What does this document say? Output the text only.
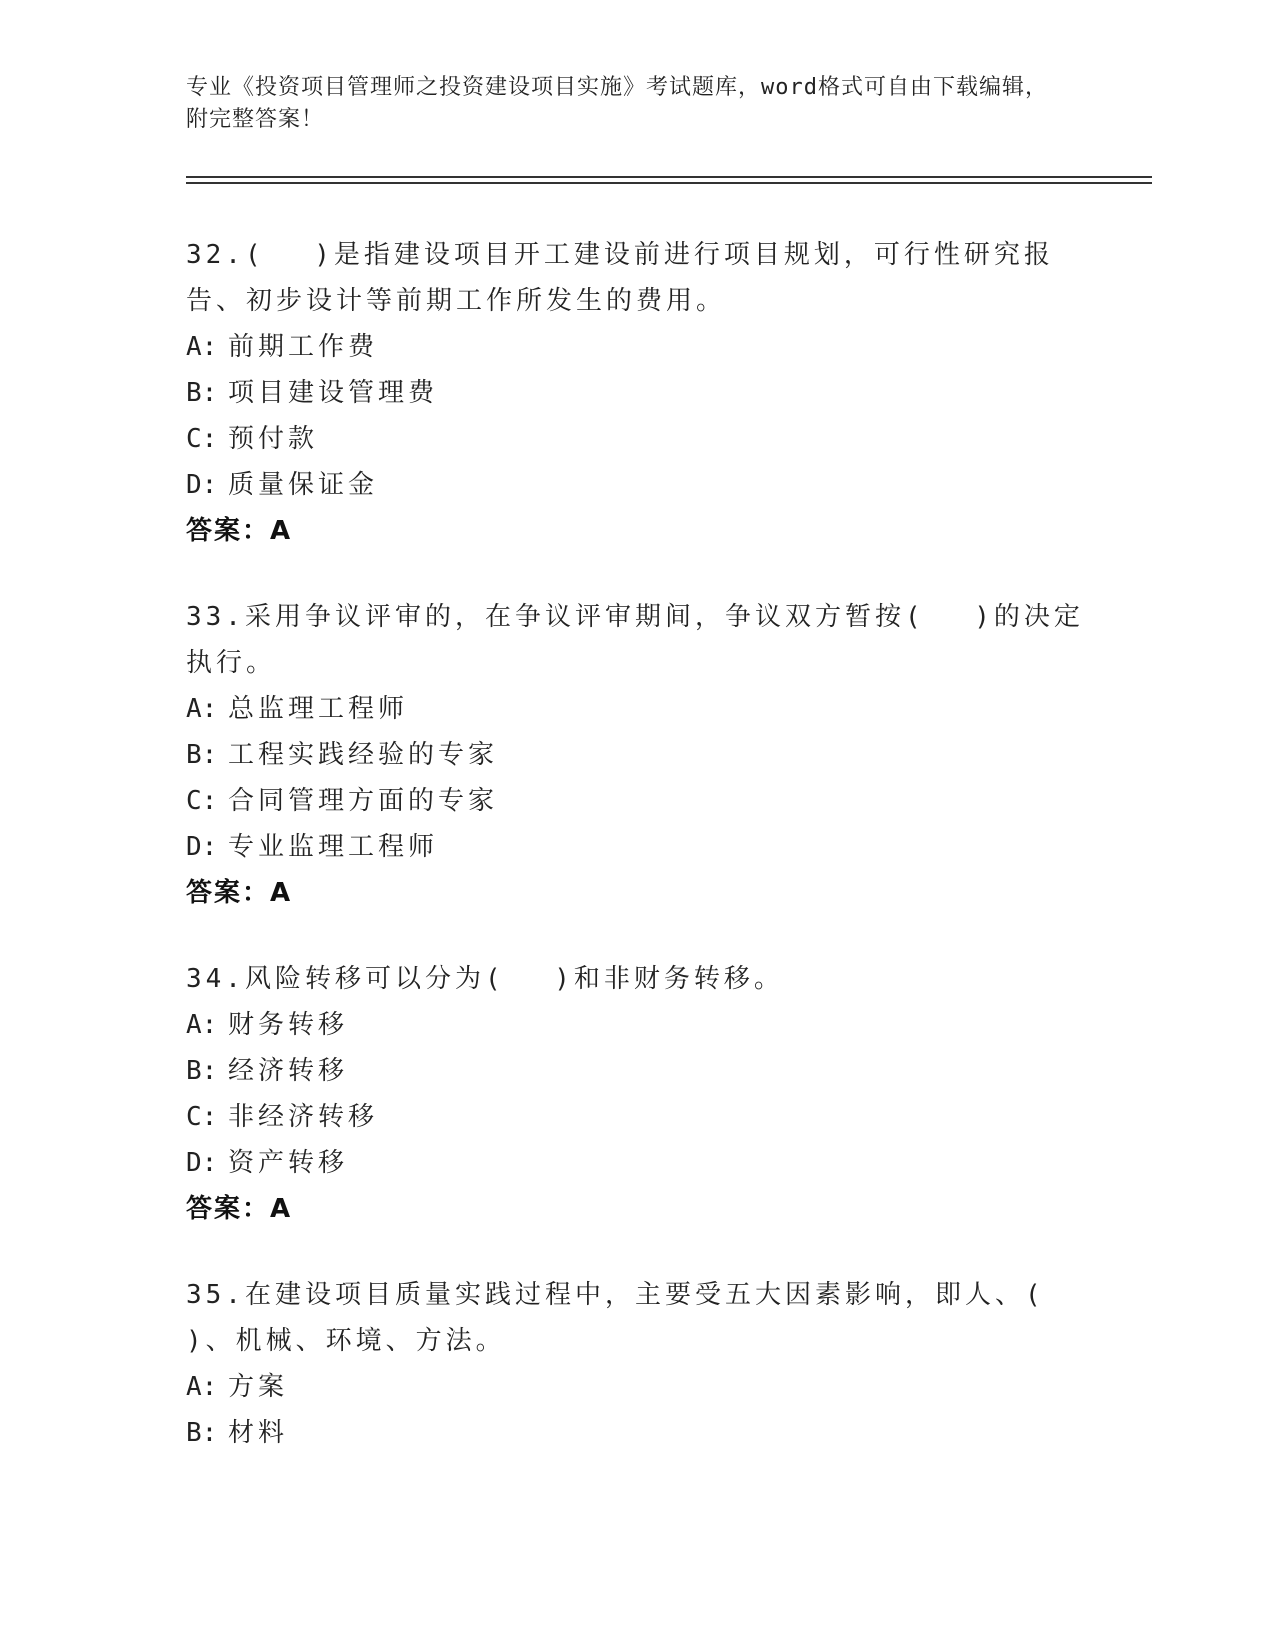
专业《投资项目管理师之投资建设项目实施》考试题库，word格式可自由下载编辑，附完整答案！

32.(　 )是指建设项目开工建设前进行项目规划，可行性研究报告、初步设计等前期工作所发生的费用。

A: 前期工作费

B: 项目建设管理费

C: 预付款

D: 质量保证金

答案：A

33.采用争议评审的，在争议评审期间，争议双方暂按(　 )的决定执行。

A: 总监理工程师

B: 工程实践经验的专家

C: 合同管理方面的专家

D: 专业监理工程师

答案：A

34.风险转移可以分为(　 )和非财务转移。

A: 财务转移

B: 经济转移

C: 非经济转移

D: 资产转移

答案：A

35.在建设项目质量实践过程中，主要受五大因素影响，即人、(　 )、机械、环境、方法。

A: 方案

B: 材料
